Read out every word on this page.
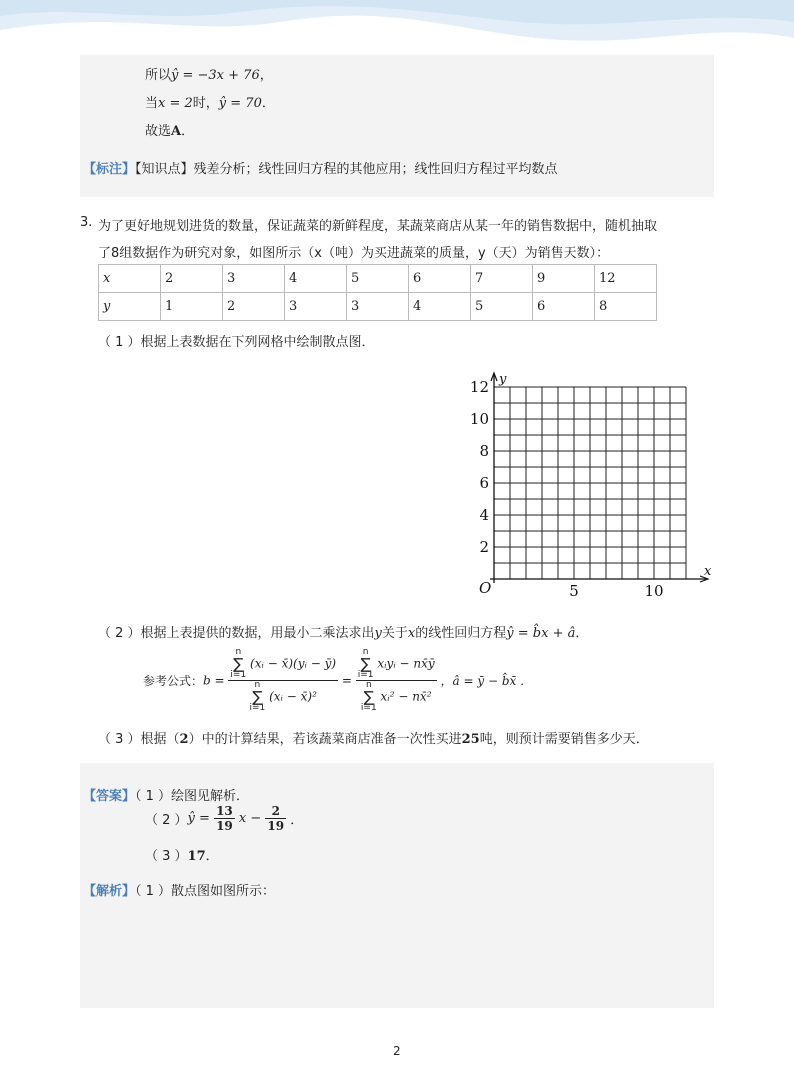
所以ŷ = −3x + 76，
当x = 2时，ŷ = 70．
故选A．
【标注】【知识点】残差分析；线性回归方程的其他应用；线性回归方程过平均数点
3. 为了更好地规划进货的数量，保证蔬菜的新鲜程度，某蔬菜商店从某一年的销售数据中，随机抽取
了8组数据作为研究对象，如图所示（x（吨）为买进蔬菜的质量，y（天）为销售天数）：
x	2	3	4	5	6	7	9	12
y	1	2	3	3	4	5	6	8
（ 1 ）根据上表数据在下列网格中绘制散点图．
12
10
8
6
4
2
5	10
O
x
y
（ 2 ）根据上表提供的数据，用最小二乘法求出y关于x的线性回归方程ŷ = b̂x + â．
参考公式：b = n
∑
i=1 (xᵢ − x̄)(yᵢ − ȳ)
n
∑
i=1 (xᵢ − x̄)² = n
∑
i=1 xᵢyᵢ − nx̄ȳ
n
∑
i=1 xᵢ² − nx̄² ，â = ȳ − b̂x̄ ．
（ 3 ）根据（2）中的计算结果，若该蔬菜商店准备一次性买进25吨，则预计需要销售多少天．
【答案】（ 1 ）绘图见解析．
（ 2 ）ŷ = $\frac{13}{19}$ $x - \frac{2}{19}$ ．
（ 3 ）17．
【解析】（ 1 ）散点图如图所示：
2
